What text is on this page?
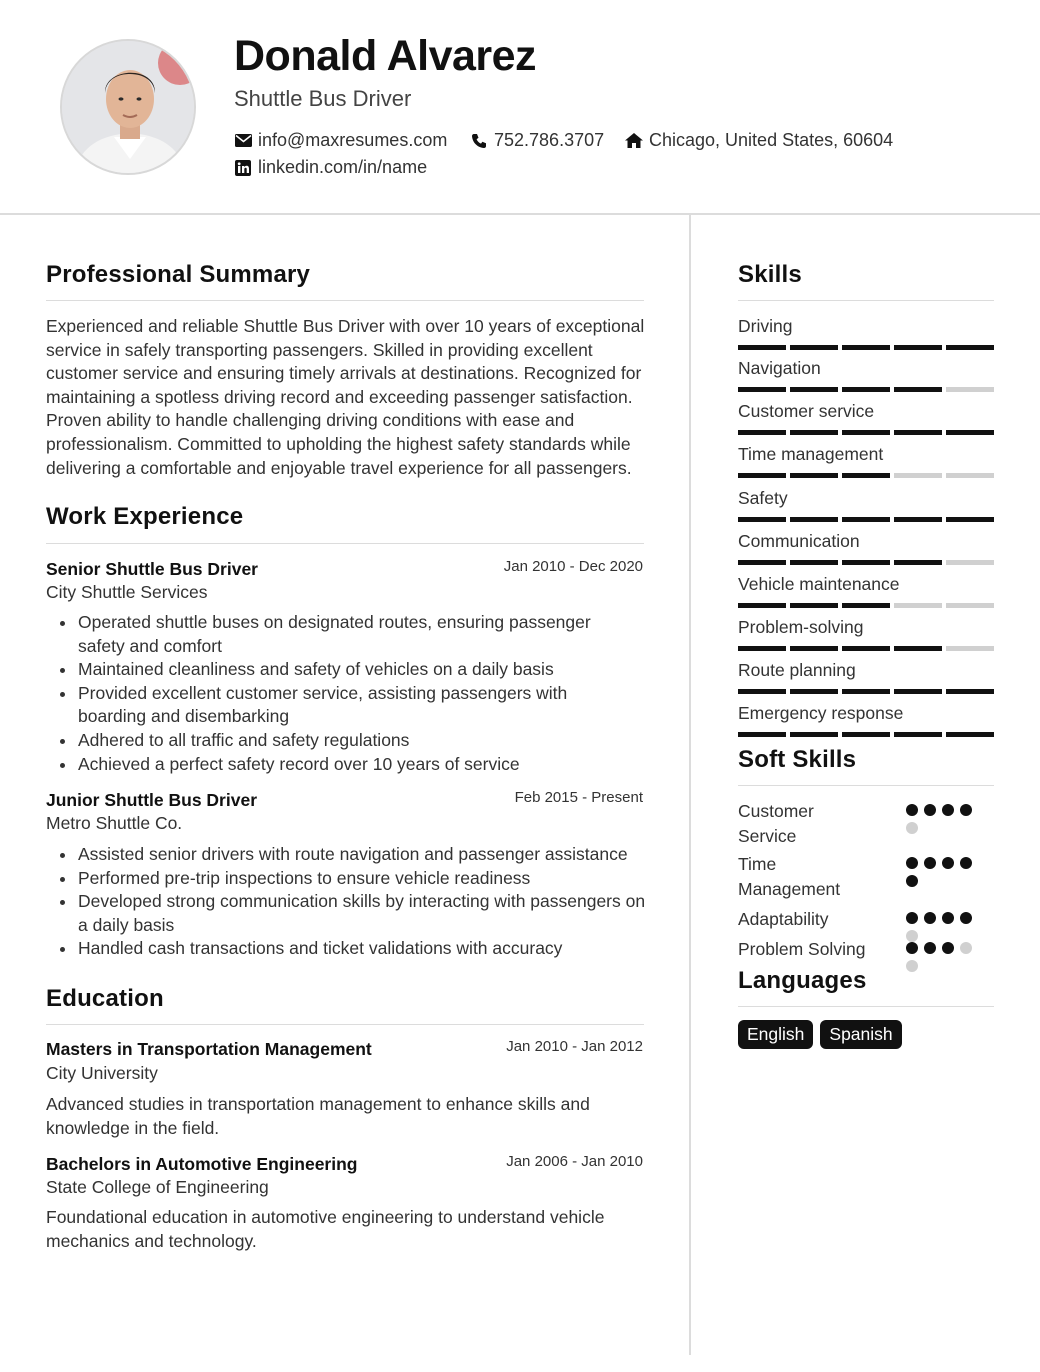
Donald Alvarez
Shuttle Bus Driver
info@maxresumes.com	752.786.3707 Chicago, United States, 60604
linkedin.com/in/name
Professional Summary
Experienced and reliable Shuttle Bus Driver with over 10 years of exceptional service in safely transporting passengers. Skilled in providing excellent customer service and ensuring timely arrivals at destinations. Recognized for maintaining a spotless driving record and exceeding passenger satisfaction. Proven ability to handle challenging driving conditions with ease and professionalism. Committed to upholding the highest safety standards while delivering a comfortable and enjoyable travel experience for all passengers.
Work Experience
Senior Shuttle Bus Driver	Jan 2010 - Dec 2020
City Shuttle Services
Operated shuttle buses on designated routes, ensuring passenger safety and comfort
Maintained cleanliness and safety of vehicles on a daily basis
Provided excellent customer service, assisting passengers with boarding and disembarking
Adhered to all traffic and safety regulations
Achieved a perfect safety record over 10 years of service
Junior Shuttle Bus Driver	Feb 2015 - Present
Metro Shuttle Co.
Assisted senior drivers with route navigation and passenger assistance
Performed pre-trip inspections to ensure vehicle readiness
Developed strong communication skills by interacting with passengers on a daily basis
Handled cash transactions and ticket validations with accuracy
Education
Masters in Transportation Management	Jan 2010 - Jan 2012
City University
Advanced studies in transportation management to enhance skills and knowledge in the field.
Bachelors in Automotive Engineering	Jan 2006 - Jan 2010
State College of Engineering
Foundational education in automotive engineering to understand vehicle mechanics and technology.
Skills
Driving
Navigation
Customer service
Time management
Safety
Communication
Vehicle maintenance
Problem-solving
Route planning
Emergency response
Soft Skills
Customer Service
Time Management
Adaptability
Problem Solving
Languages
English	Spanish
